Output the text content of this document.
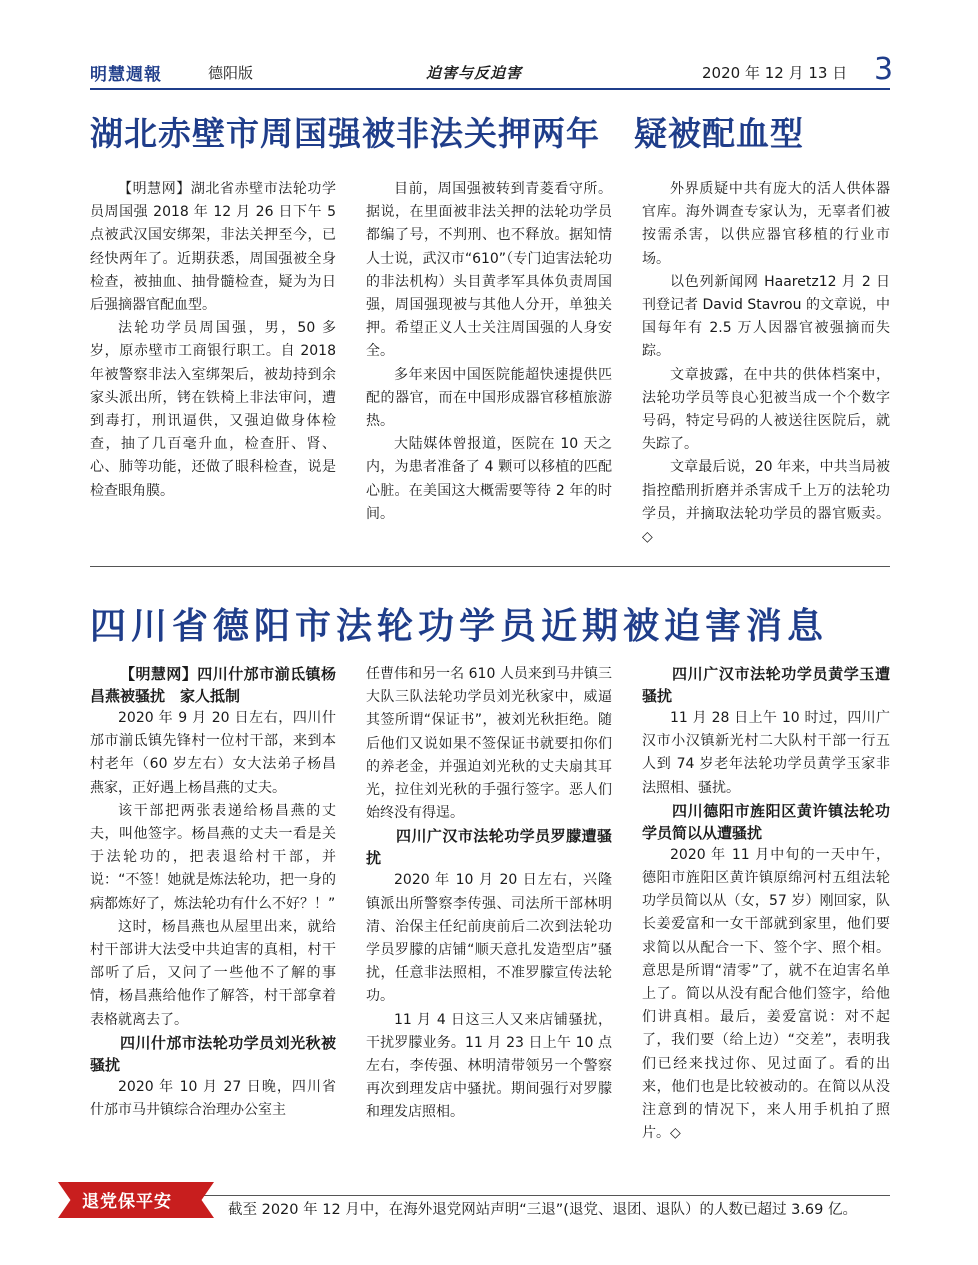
明慧週報	德阳版	迫害与反迫害	2020 年 12 月 13 日 3
湖北赤壁市周国强被非法关押两年　疑被配血型

【明慧网】湖北省赤壁市法轮功学员周国强 2018 年 12 月 26 日下午 5 点被武汉国安绑架，非法关押至今，已经快两年了。近期获悉，周国强被全身检查，被抽血、抽骨髓检查，疑为为日后强摘器官配血型。

法轮功学员周国强，男，50 多岁，原赤壁市工商银行职工。自 2018 年被警察非法入室绑架后，被劫持到余家头派出所，铐在铁椅上非法审问，遭到毒打，刑讯逼供，又强迫做身体检查，抽了几百毫升血，检查肝、肾、心、肺等功能，还做了眼科检查，说是检查眼角膜。

目前，周国强被转到青菱看守所。据说，在里面被非法关押的法轮功学员都编了号，不判刑、也不释放。据知情人士说，武汉市“610”（专门迫害法轮功的非法机构）头目黄孝军具体负责周国强，周国强现被与其他人分开，单独关押。希望正义人士关注周国强的人身安全。

多年来因中国医院能超快速提供匹配的器官，而在中国形成器官移植旅游热。

大陆媒体曾报道，医院在 10 天之内，为患者准备了 4 颗可以移植的匹配心脏。在美国这大概需要等待 2 年的时间。

外界质疑中共有庞大的活人供体器官库。海外调查专家认为，无辜者们被按需杀害，以供应器官移植的行业市场。

以色列新闻网 Haaretz12 月 2 日刊登记者 David Stavrou 的文章说，中国每年有 2.5 万人因器官被强摘而失踪。

文章披露，在中共的供体档案中，法轮功学员等良心犯被当成一个个数字号码，特定号码的人被送往医院后，就失踪了。

文章最后说，20 年来，中共当局被指控酷刑折磨并杀害成千上万的法轮功学员，并摘取法轮功学员的器官贩卖。◇

四川省德阳市法轮功学员近期被迫害消息

【明慧网】四川什邡市湔氐镇杨昌燕被骚扰　家人抵制

2020 年 9 月 20 日左右，四川什邡市湔氐镇先锋村一位村干部，来到本村老年（60 岁左右）女大法弟子杨昌燕家，正好遇上杨昌燕的丈夫。

该干部把两张表递给杨昌燕的丈夫，叫他签字。杨昌燕的丈夫一看是关于法轮功的，把表退给村干部，并说：“不签！她就是炼法轮功，把一身的病都炼好了，炼法轮功有什么不好？！”

这时，杨昌燕也从屋里出来，就给村干部讲大法受中共迫害的真相，村干部听了后，又问了一些他不了解的事情，杨昌燕给他作了解答，村干部拿着表格就离去了。

四川什邡市法轮功学员刘光秋被骚扰

2020 年 10 月 27 日晚，四川省什邡市马井镇综合治理办公室主

任曹伟和另一名 610 人员来到马井镇三大队三队法轮功学员刘光秋家中，威逼其签所谓“保证书”，被刘光秋拒绝。随后他们又说如果不签保证书就要扣你们的养老金，并强迫刘光秋的丈夫扇其耳光，拉住刘光秋的手强行签字。恶人们始终没有得逞。

四川广汉市法轮功学员罗朦遭骚扰

2020 年 10 月 20 日左右，兴隆镇派出所警察李传强、司法所干部林明清、治保主任纪前庚前后二次到法轮功学员罗朦的店铺“顺天意扎发造型店”骚扰，任意非法照相，不准罗朦宣传法轮功。

11 月 4 日这三人又来店铺骚扰，干扰罗朦业务。11 月 23 日上午 10 点左右，李传强、林明清带领另一个警察再次到理发店中骚扰。期间强行对罗朦和理发店照相。

四川广汉市法轮功学员黄学玉遭骚扰

11 月 28 日上午 10 时过，四川广汉市小汉镇新光村二大队村干部一行五人到 74 岁老年法轮功学员黄学玉家非法照相、骚扰。

四川德阳市旌阳区黄许镇法轮功学员简以从遭骚扰

2020 年 11 月中旬的一天中午，德阳市旌阳区黄许镇原绵河村五组法轮功学员简以从（女，57 岁）刚回家，队长姜爱富和一女干部就到家里，他们要求简以从配合一下、签个字、照个相。意思是所谓“清零”了，就不在迫害名单上了。简以从没有配合他们签字，给他们讲真相。最后，姜爱富说：对不起了，我们要（给上边）“交差”，表明我们已经来找过你、见过面了。看的出来，他们也是比较被动的。在简以从没注意到的情况下，来人用手机拍了照片。◇

退党保平安	截至 2020 年 12 月中，在海外退党网站声明“三退”(退党、退团、退队）的人数已超过 3.69 亿。
